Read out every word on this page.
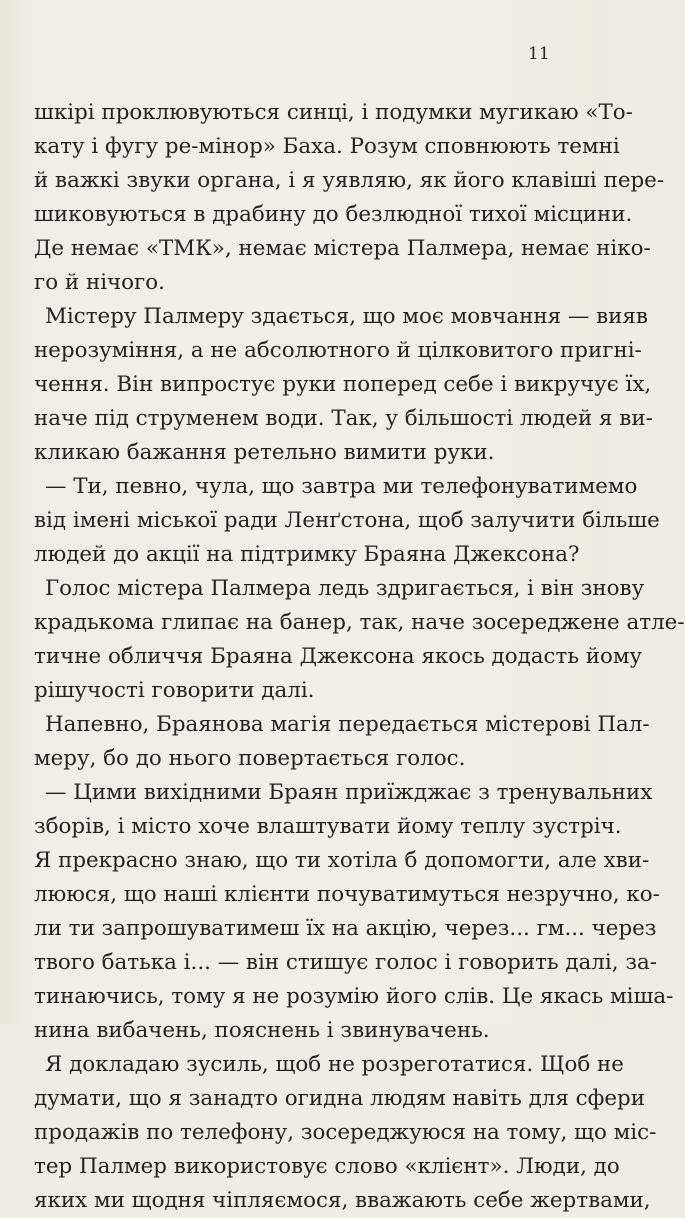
11
шкірі проклювуються синці, і подумки мугикаю «То-
кату і фугу ре-мінор» Баха. Розум сповнюють темні
й важкі звуки органа, і я уявляю, як його клавіші пере-
шиковуються в драбину до безлюдної тихої місцини.
Де немає «ТМК», немає містера Палмера, немає ніко-
го й нічого.
Містеру Палмеру здається, що моє мовчання — вияв
нерозуміння, а не абсолютного й цілковитого пригні-
чення. Він випростує руки поперед себе і викручує їх,
наче під струменем води. Так, у більшості людей я ви-
кликаю бажання ретельно вимити руки.
— Ти, певно, чула, що завтра ми телефонуватимемо
від імені міської ради Ленґстона, щоб залучити більше
людей до акції на підтримку Браяна Джексона?
Голос містера Палмера ледь здригається, і він знову
крадькома глипає на банер, так, наче зосереджене атле-
тичне обличчя Браяна Джексона якось додасть йому
рішучості говорити далі.
Напевно, Браянова магія передається містерові Пал-
меру, бо до нього повертається голос.
— Цими вихідними Браян приїжджає з тренувальних
зборів, і місто хоче влаштувати йому теплу зустріч.
Я прекрасно знаю, що ти хотіла б допомогти, але хви-
лююся, що наші клієнти почуватимуться незручно, ко-
ли ти запрошуватимеш їх на акцію, через... гм... через
твого батька і... — він стишує голос і говорить далі, за-
тинаючись, тому я не розумію його слів. Це якась міша-
нина вибачень, пояснень і звинувачень.
Я докладаю зусиль, щоб не розреготатися. Щоб не
думати, що я занадто огидна людям навіть для сфери
продажів по телефону, зосереджуюся на тому, що міс-
тер Палмер використовує слово «клієнт». Люди, до
яких ми щодня чіпляємося, вважають себе жертвами,
